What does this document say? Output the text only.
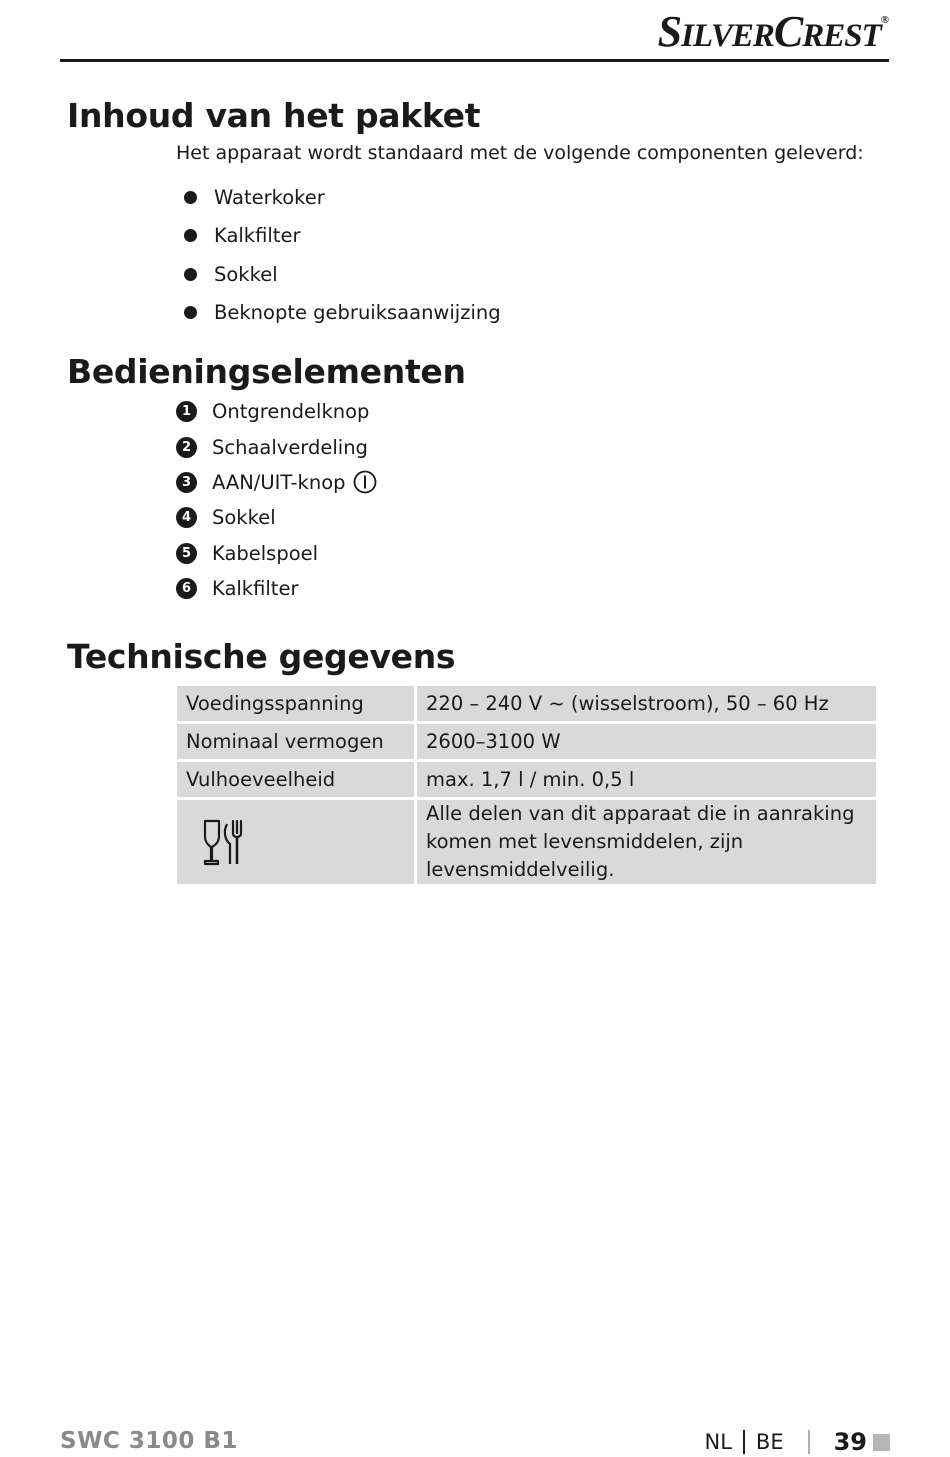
SILVERCREST®
Inhoud van het pakket
Het apparaat wordt standaard met de volgende componenten geleverd:
Waterkoker
Kalkfilter
Sokkel
Beknopte gebruiksaanwijzing
Bedieningselementen
1	Ontgrendelknop
2	Schaalverdeling
3	AAN/UIT-knop
4	Sokkel
5	Kabelspoel
6	Kalkfilter
Technische gegevens
Voedingsspanning	220 – 240 V ~ (wisselstroom), 50 – 60 Hz
Nominaal vermogen	2600–3100 W
Vulhoeveelheid	max. 1,7 l / min. 0,5 l

Alle delen van dit apparaat die in aanraking
komen met levensmiddelen, zijn levensmiddelveilig.
SWC 3100 B1	NL BE 39
